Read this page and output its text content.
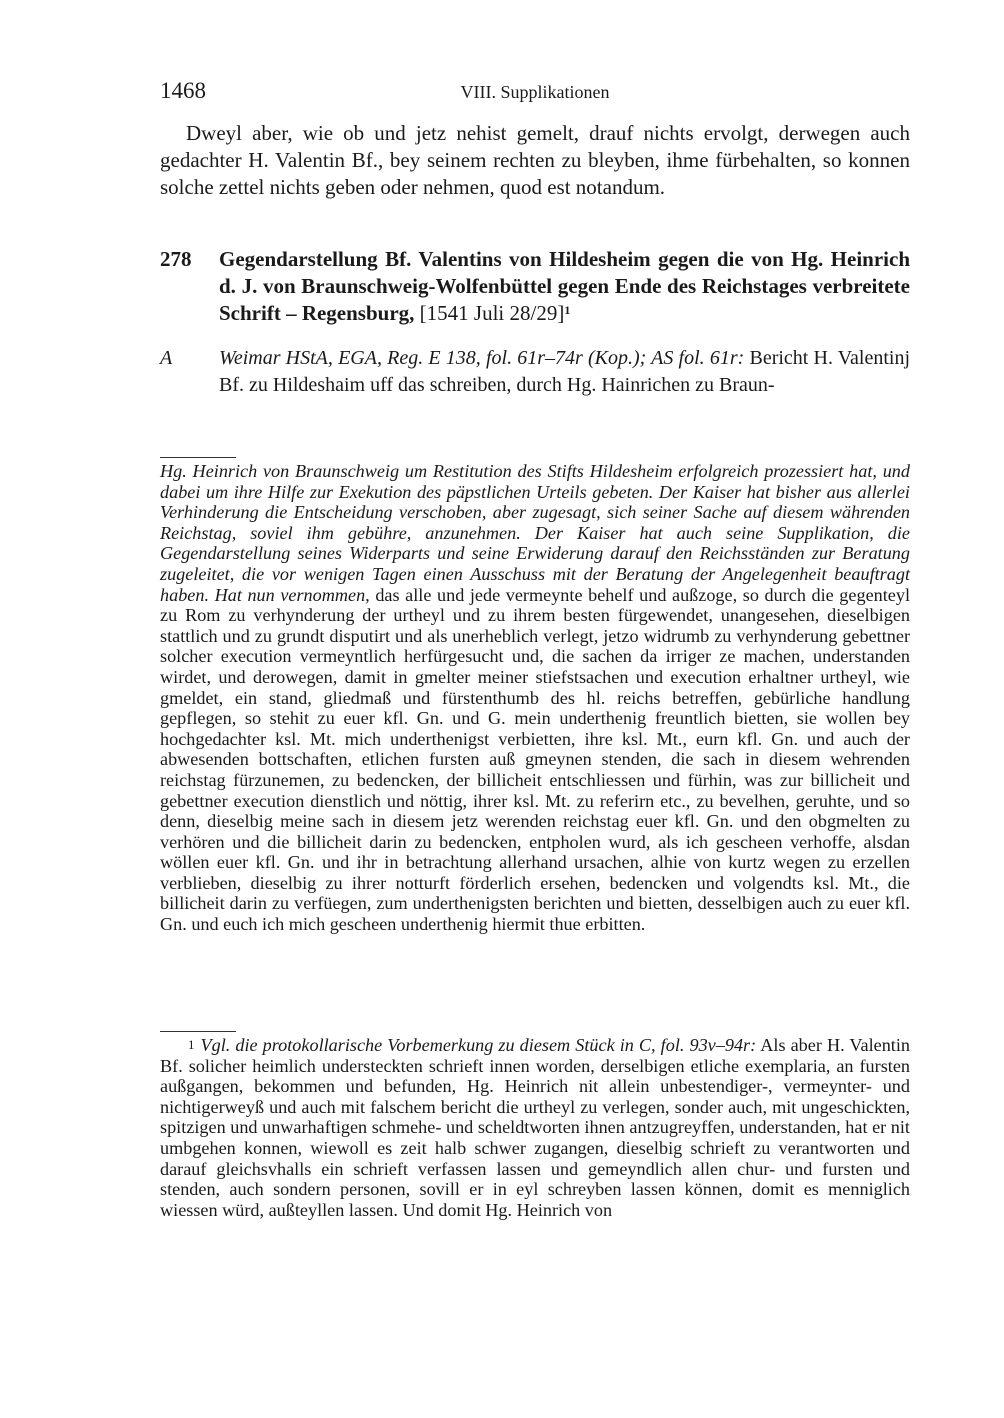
1468	VIII. Supplikationen

Dweyl aber, wie ob und jetz nehist gemelt, drauf nichts ervolgt, derwegen auch gedachter H. Valentin Bf., bey seinem rechten zu bleyben, ihme fürbehalten, so konnen solche zettel nichts geben oder nehmen, quod est notandum.

278 Gegendarstellung Bf. Valentins von Hildesheim gegen die von Hg. Heinrich d. J. von Braunschweig-Wolfenbüttel gegen Ende des Reichstages verbreitete Schrift – Regensburg, [1541 Juli 28/29]$^1$

A Weimar HStA, EGA, Reg. E 138, fol. 61r–74r (Kop.); AS fol. 61r: Bericht H. Valentinj Bf. zu Hildeshaim uff das schreiben, durch Hg. Hainrichen zu Braun-

Hg. Heinrich von Braunschweig um Restitution des Stifts Hildesheim erfolgreich prozessiert hat, und dabei um ihre Hilfe zur Exekution des päpstlichen Urteils gebeten. Der Kaiser hat bisher aus allerlei Verhinderung die Entscheidung verschoben, aber zugesagt, sich seiner Sache auf diesem währenden Reichstag, soviel ihm gebühre, anzunehmen. Der Kaiser hat auch seine Supplikation, die Gegendarstellung seines Widerparts und seine Erwiderung darauf den Reichsständen zur Beratung zugeleitet, die vor wenigen Tagen einen Ausschuss mit der Beratung der Angelegenheit beauftragt haben. Hat nun vernommen, das alle und jede vermeynte behelf und außzoge, so durch die gegenteyl zu Rom zu verhynderung der urtheyl und zu ihrem besten fürgewendet, unangesehen, dieselbigen stattlich und zu grundt disputirt und als unerheblich verlegt, jetzo widrumb zu verhynderung gebettner solcher execution vermeyntlich herfürgesucht und, die sachen da irriger ze machen, understanden wirdet, und derowegen, damit in gmelter meiner stiefstsachen und execution erhaltner urtheyl, wie gmeldet, ein stand, gliedmaß und fürstenthumb des hl. reichs betreffen, gebürliche handlung gepflegen, so stehit zu euer kfl. Gn. und G. mein underthenig freuntlich bietten, sie wollen bey hochgedachter ksl. Mt. mich underthenigst verbietten, ihre ksl. Mt., eurn kfl. Gn. und auch der abwesenden bottschaften, etlichen fursten auß gmeynen stenden, die sach in diesem wehrenden reichstag fürzunemen, zu bedencken, der billicheit entschliessen und fürhin, was zur billicheit und gebettner execution dienstlich und nöttig, ihrer ksl. Mt. zu referirn etc., zu bevelhen, geruhte, und so denn, dieselbig meine sach in diesem jetz werenden reichstag euer kfl. Gn. und den obgmelten zu verhören und die billicheit darin zu bedencken, entpholen wurd, als ich gescheen verhoffe, alsdan wöllen euer kfl. Gn. und ihr in betrachtung allerhand ursachen, alhie von kurtz wegen zu erzellen verblieben, dieselbig zu ihrer notturft förderlich ersehen, bedencken und volgendts ksl. Mt., die billicheit darin zu verfüegen, zum underthenigsten berichten und bietten, desselbigen auch zu euer kfl. Gn. und euch ich mich gescheen underthenig hiermit thue erbitten.

1 Vgl. die protokollarische Vorbemerkung zu diesem Stück in C, fol. 93v–94r: Als aber H. Valentin Bf. solicher heimlich understeckten schrieft innen worden, derselbigen etliche exemplaria, an fursten außgangen, bekommen und befunden, Hg. Heinrich nit allein unbestendiger-, vermeynter- und nichtigerweyß und auch mit falschem bericht die urtheyl zu verlegen, sonder auch, mit ungeschickten, spitzigen und unwarhaftigen schmehe- und scheldtworten ihnen antzugreyffen, understanden, hat er nit umbgehen konnen, wiewoll es zeit halb schwer zugangen, dieselbig schrieft zu verantworten und darauf gleichsvhalls ein schrieft verfassen lassen und gemeyndlich allen chur- und fursten und stenden, auch sondern personen, sovill er in eyl schreyben lassen können, domit es menniglich wiessen würd, außteyllen lassen. Und domit Hg. Heinrich von
